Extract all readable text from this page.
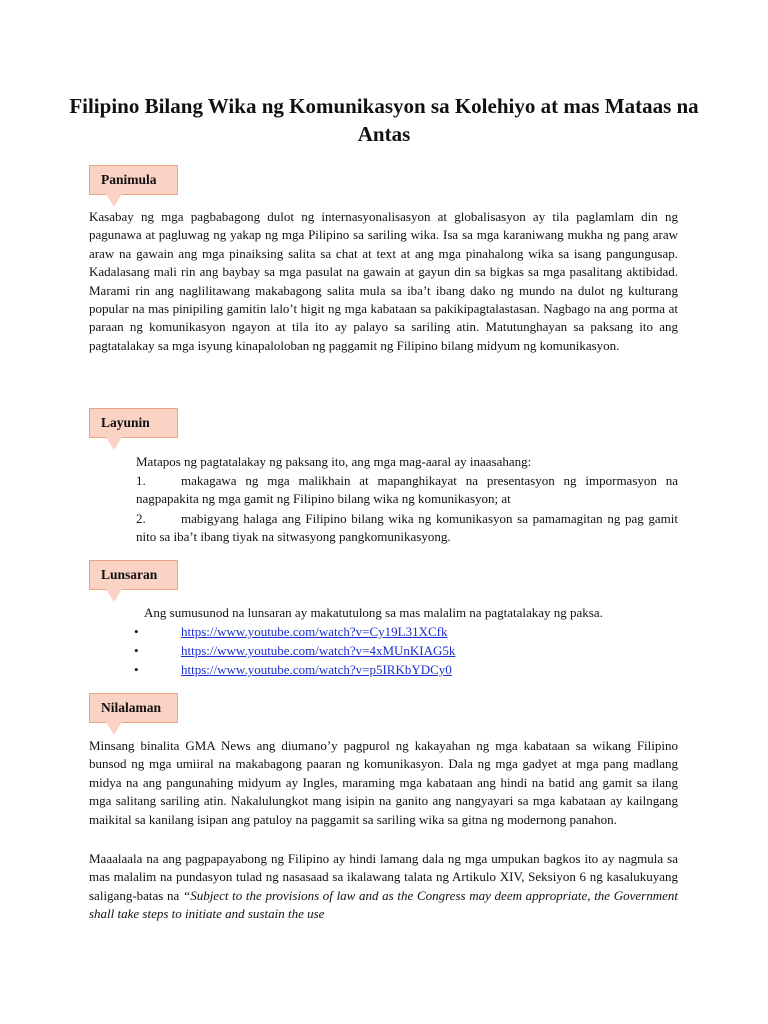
Filipino Bilang Wika ng Komunikasyon sa Kolehiyo at mas Mataas na Antas
Panimula
Kasabay ng mga pagbabagong dulot ng internasyonalisasyon at globalisasyon ay tila paglamlam din ng pagunawa at pagluwag ng yakap ng mga Pilipino sa sariling wika. Isa sa mga karaniwang mukha ng pang araw araw na gawain ang mga pinaiksing salita sa chat at text at ang mga pinahalong wika sa isang pangungusap. Kadalasang mali rin ang baybay sa mga pasulat na gawain at gayun din sa bigkas sa mga pasalitang aktibidad. Marami rin ang naglilitawang makabagong salita mula sa iba’t ibang dako ng mundo na dulot ng kulturang popular na mas pinipiling gamitin lalo’t higit ng mga kabataan sa pakikipagtalastasan. Nagbago na ang porma at paraan ng komunikasyon ngayon at tila ito ay palayo sa sariling atin. Matutunghayan sa paksang ito ang pagtatalakay sa mga isyung kinapaloloban ng paggamit ng Filipino bilang midyum ng komunikasyon.
Layunin
Matapos ng pagtatalakay ng paksang ito, ang mga mag-aaral ay inaasahang:
1.	makagawa ng mga malikhain at mapanghikayat na presentasyon ng impormasyon na nagpapakita ng mga gamit ng Filipino bilang wika ng komunikasyon; at
2.	mabigyang halaga ang Filipino bilang wika ng komunikasyon sa pamamagitan ng pag gamit nito sa iba’t ibang tiyak na sitwasyong pangkomunikasyong.
Lunsaran
Ang sumusunod na lunsaran ay makatutulong sa mas malalim na pagtatalakay ng paksa.
•	https://www.youtube.com/watch?v=Cy19L31XCfk
•	https://www.youtube.com/watch?v=4xMUnKIAG5k
•	https://www.youtube.com/watch?v=p5IRKbYDCy0
Nilalaman
Minsang binalita GMA News ang diumano’y pagpurol ng kakayahan ng mga kabataan sa wikang Filipino bunsod ng mga umiiral na makabagong paaran ng komunikasyon. Dala ng mga gadyet at mga pang madlang midya na ang pangunahing midyum ay Ingles, maraming mga kabataan ang hindi na batid ang gamit sa ilang mga salitang sariling atin. Nakalulungkot mang isipin na ganito ang nangyayari sa mga kabataan ay kailngang maikital sa kanilang isipan ang patuloy na paggamit sa sariling wika sa gitna ng modernong panahon.
Maaalaala na ang pagpapayabong ng Filipino ay hindi lamang dala ng mga umpukan bagkos ito ay nagmula sa mas malalim na pundasyon tulad ng nasasaad sa ikalawang talata ng Artikulo XIV, Seksiyon 6 ng kasalukuyang saligang-batas na “Subject to the provisions of law and as the Congress may deem appropriate, the Government shall take steps to initiate and sustain the use
